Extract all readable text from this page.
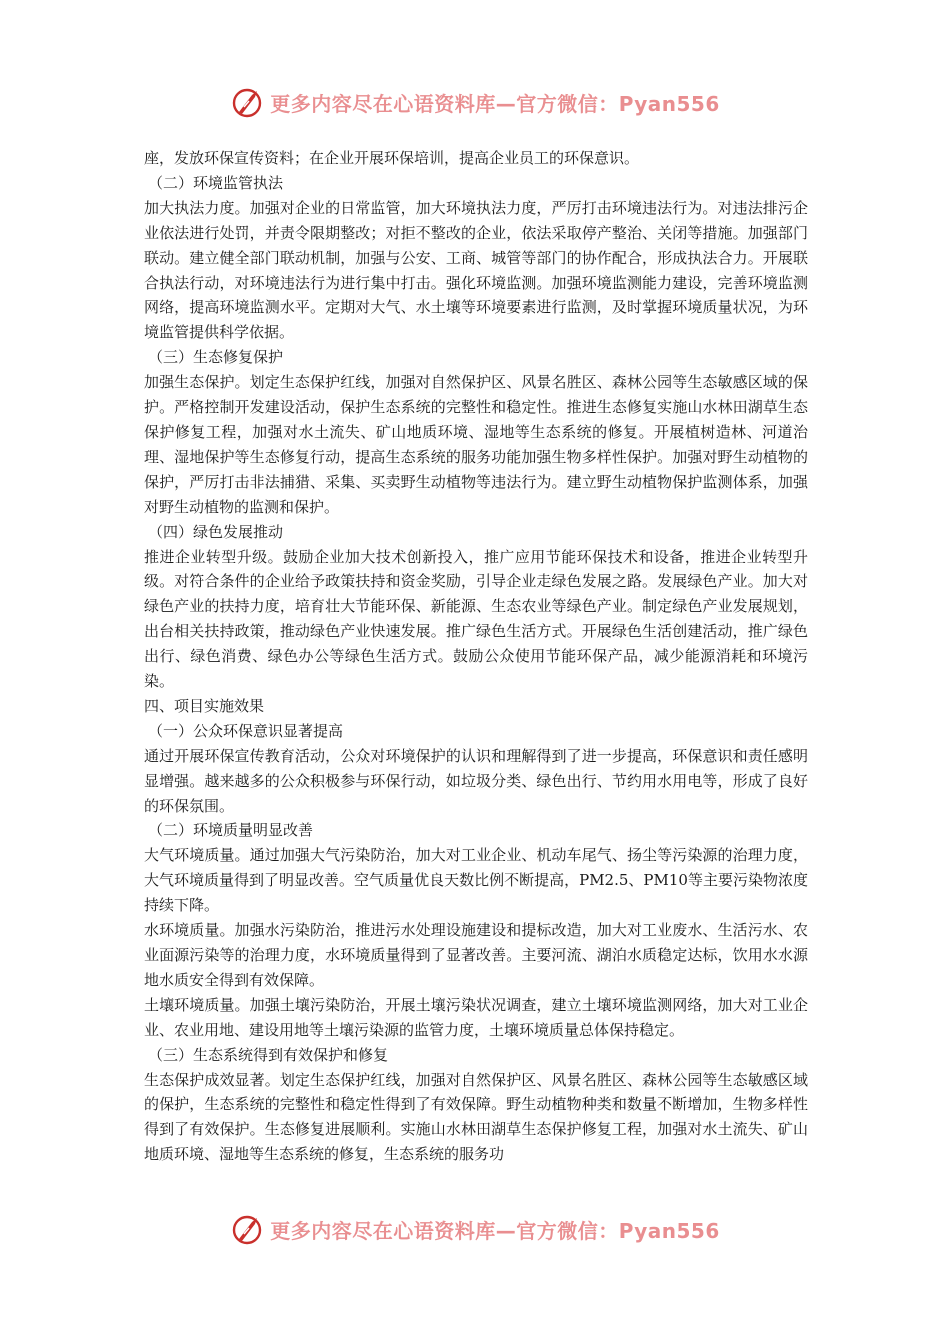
更多内容尽在心语资料库—官方微信：Pyan556

座，发放环保宣传资料；在企业开展环保培训，提高企业员工的环保意识。

（二）环境监管执法

加大执法力度。加强对企业的日常监管，加大环境执法力度，严厉打击环境违法行为。对违法排污企业依法进行处罚，并责令限期整改；对拒不整改的企业，依法采取停产整治、关闭等措施。加强部门联动。建立健全部门联动机制，加强与公安、工商、城管等部门的协作配合，形成执法合力。开展联合执法行动，对环境违法行为进行集中打击。强化环境监测。加强环境监测能力建设，完善环境监测网络，提高环境监测水平。定期对大气、水土壤等环境要素进行监测，及时掌握环境质量状况，为环境监管提供科学依据。

（三）生态修复保护

加强生态保护。划定生态保护红线，加强对自然保护区、风景名胜区、森林公园等生态敏感区域的保护。严格控制开发建设活动，保护生态系统的完整性和稳定性。推进生态修复实施山水林田湖草生态保护修复工程，加强对水土流失、矿山地质环境、湿地等生态系统的修复。开展植树造林、河道治理、湿地保护等生态修复行动，提高生态系统的服务功能加强生物多样性保护。加强对野生动植物的保护，严厉打击非法捕猎、采集、买卖野生动植物等违法行为。建立野生动植物保护监测体系，加强对野生动植物的监测和保护。

（四）绿色发展推动

推进企业转型升级。鼓励企业加大技术创新投入，推广应用节能环保技术和设备，推进企业转型升级。对符合条件的企业给予政策扶持和资金奖励，引导企业走绿色发展之路。发展绿色产业。加大对绿色产业的扶持力度，培育壮大节能环保、新能源、生态农业等绿色产业。制定绿色产业发展规划，出台相关扶持政策，推动绿色产业快速发展。推广绿色生活方式。开展绿色生活创建活动，推广绿色出行、绿色消费、绿色办公等绿色生活方式。鼓励公众使用节能环保产品，减少能源消耗和环境污染。

四、项目实施效果

（一）公众环保意识显著提高

通过开展环保宣传教育活动，公众对环境保护的认识和理解得到了进一步提高，环保意识和责任感明显增强。越来越多的公众积极参与环保行动，如垃圾分类、绿色出行、节约用水用电等，形成了良好的环保氛围。

（二）环境质量明显改善

大气环境质量。通过加强大气污染防治，加大对工业企业、机动车尾气、扬尘等污染源的治理力度，大气环境质量得到了明显改善。空气质量优良天数比例不断提高，PM2.5、PM10等主要污染物浓度持续下降。

水环境质量。加强水污染防治，推进污水处理设施建设和提标改造，加大对工业废水、生活污水、农业面源污染等的治理力度，水环境质量得到了显著改善。主要河流、湖泊水质稳定达标，饮用水水源地水质安全得到有效保障。

土壤环境质量。加强土壤污染防治，开展土壤污染状况调查，建立土壤环境监测网络，加大对工业企业、农业用地、建设用地等土壤污染源的监管力度，土壤环境质量总体保持稳定。

（三）生态系统得到有效保护和修复

生态保护成效显著。划定生态保护红线，加强对自然保护区、风景名胜区、森林公园等生态敏感区域的保护，生态系统的完整性和稳定性得到了有效保障。野生动植物种类和数量不断增加，生物多样性得到了有效保护。生态修复进展顺利。实施山水林田湖草生态保护修复工程，加强对水土流失、矿山地质环境、湿地等生态系统的修复，生态系统的服务功

更多内容尽在心语资料库—官方微信：Pyan556
